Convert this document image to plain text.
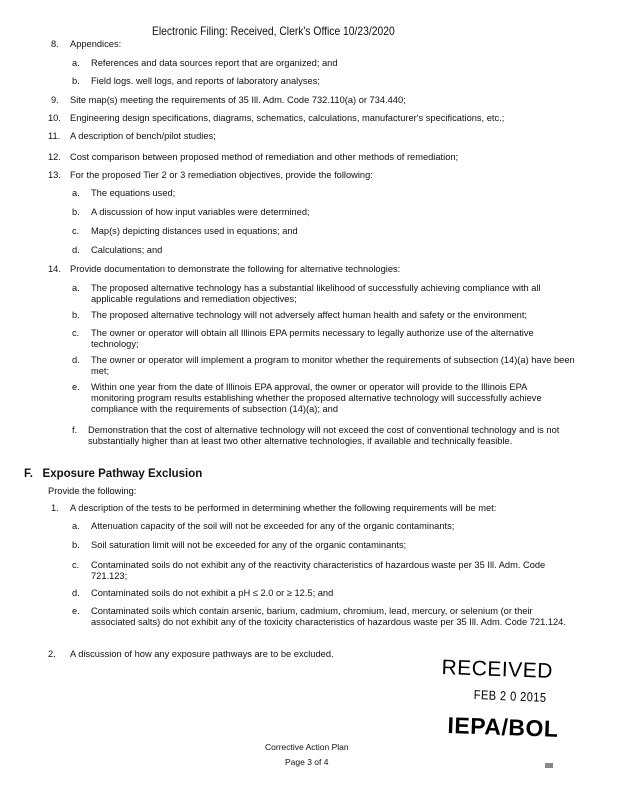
Electronic Filing: Received, Clerk's Office 10/23/2020
8. Appendices:
a. References and data sources report that are organized; and
b. Field logs. well logs, and reports of laboratory analyses;
9. Site map(s) meeting the requirements of 35 Ill. Adm. Code 732.110(a) or 734.440;
10. Engineering design specifications, diagrams, schematics, calculations, manufacturer's specifications, etc.;
11. A description of bench/pilot studies;
12. Cost comparison between proposed method of remediation and other methods of remediation;
13. For the proposed Tier 2 or 3 remediation objectives, provide the following:
a. The equations used;
b. A discussion of how input variables were determined;
c. Map(s) depicting distances used in equations; and
d. Calculations; and
14. Provide documentation to demonstrate the following for alternative technologies:
a. The proposed alternative technology has a substantial likelihood of successfully achieving compliance with all applicable regulations and remediation objectives;
b. The proposed alternative technology will not adversely affect human health and safety or the environment;
c. The owner or operator will obtain all Illinois EPA permits necessary to legally authorize use of the alternative technology;
d. The owner or operator will implement a program to monitor whether the requirements of subsection (14)(a) have been met;
e. Within one year from the date of Illinois EPA approval, the owner or operator will provide to the Illinois EPA monitoring program results establishing whether the proposed alternative technology will successfully achieve compliance with the requirements of subsection (14)(a); and
f. Demonstration that the cost of alternative technology will not exceed the cost of conventional technology and is not substantially higher than at least two other alternative technologies, if available and technically feasible.
F.   Exposure Pathway Exclusion
Provide the following:
1. A description of the tests to be performed in determining whether the following requirements will be met:
a. Attenuation capacity of the soil will not be exceeded for any of the organic contaminants;
b. Soil saturation limit will not be exceeded for any of the organic contaminants;
c. Contaminated soils do not exhibit any of the reactivity characteristics of hazardous waste per 35 Ill. Adm. Code 721.123;
d. Contaminated soils do not exhibit a pH ≤ 2.0 or ≥ 12.5; and
e. Contaminated soils which contain arsenic, barium, cadmium, chromium, lead, mercury, or selenium (or their associated salts) do not exhibit any of the toxicity characteristics of hazardous waste per 35 Ill. Adm. Code 721.124.
2. A discussion of how any exposure pathways are to be excluded.
RECEIVED
FEB 2 0 2015
IEPA/BOL
Corrective Action Plan
Page 3 of 4
